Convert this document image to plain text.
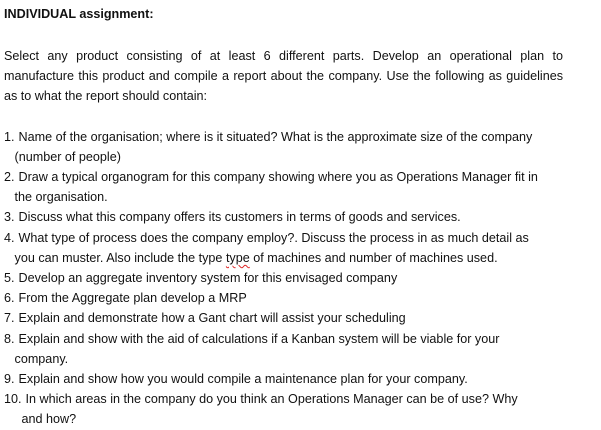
INDIVIDUAL assignment:

Select any product consisting of at least 6 different parts. Develop an operational plan to manufacture this product and compile a report about the company. Use the following as guidelines as to what the report should contain:

1. Name of the organisation; where is it situated? What is the approximate size of the company
(number of people)
2. Draw a typical organogram for this company showing where you as Operations Manager fit in
the organisation.
3. Discuss what this company offers its customers in terms of goods and services.
4. What type of process does the company employ?. Discuss the process in as much detail as
you can muster. Also include the type type of machines and number of machines used.
5. Develop an aggregate inventory system for this envisaged company
6. From the Aggregate plan develop a MRP
7. Explain and demonstrate how a Gant chart will assist your scheduling
8. Explain and show with the aid of calculations if a Kanban system will be viable for your
company.
9. Explain and show how you would compile a maintenance plan for your company.
10. In which areas in the company do you think an Operations Manager can be of use? Why
and how?
